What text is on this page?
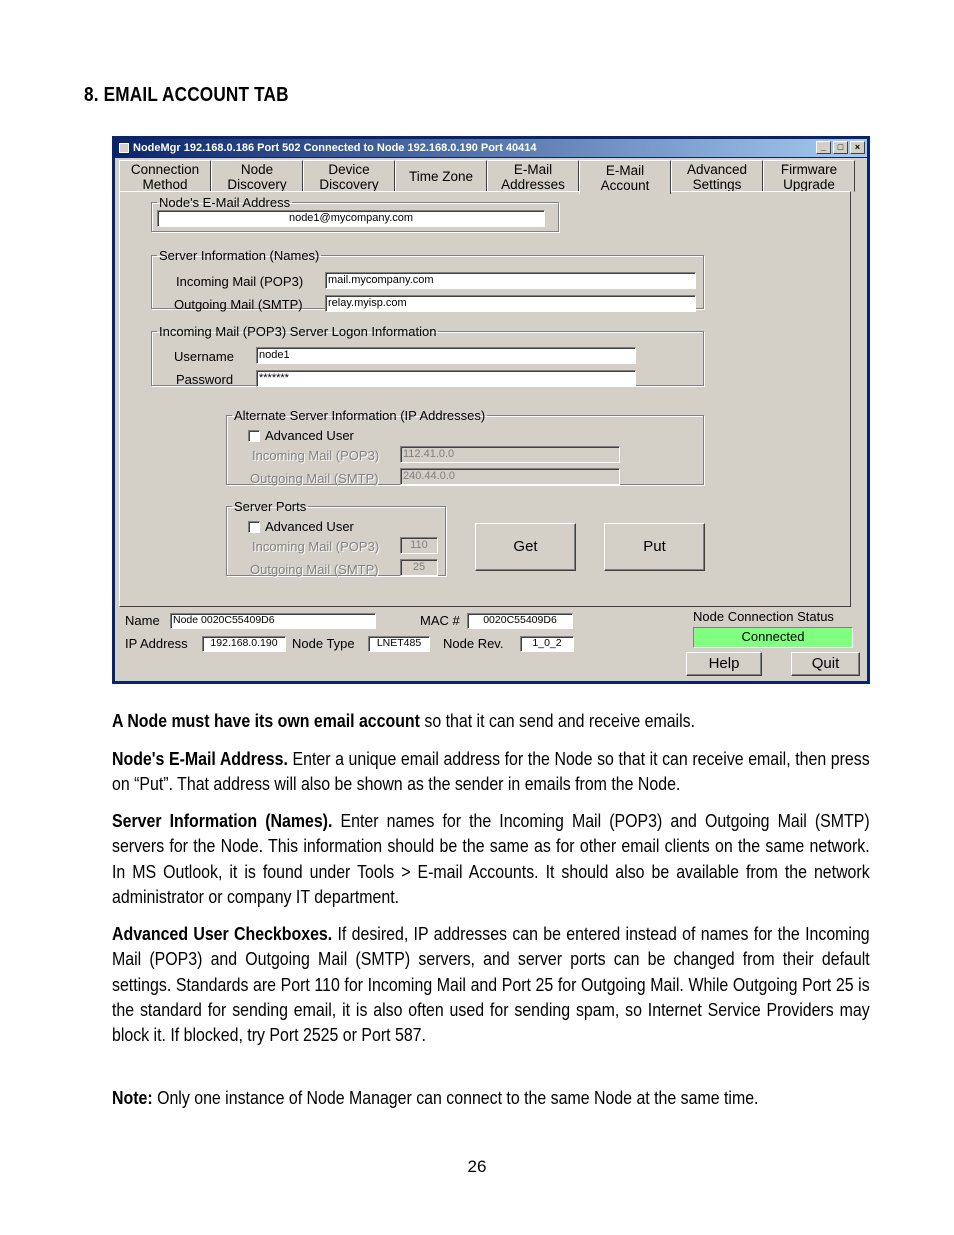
8. EMAIL ACCOUNT TAB
NodeMgr 192.168.0.186 Port 502 Connected to Node 192.168.0.190 Port 40414	_	□	×
Connection
Method
Node
Discovery
Device
Discovery	Time Zone	E-Mail
Addresses
E-Mail
Account
Advanced
Settings
Firmware
Upgrade
Node's E-Mail Address
node1@mycompany.com
Server Information (Names)
Incoming Mail (POP3) mail.mycompany.com
Outgoing Mail (SMTP) relay.myisp.com
Incoming Mail (POP3) Server Logon Information
Username node1
Password *******
Alternate Server Information (IP Addresses)
Advanced User
Incoming Mail (POP3) 112.41.0.0
Outgoing Mail (SMTP) 240.44.0.0
Server Ports
Advanced User
Incoming Mail (POP3)	110
Outgoing Mail (SMTP)	25
Get	Put
Name Node 0020C55409D6	MAC #	0020C55409D6
IP Address	192.168.0.190	Node Type	LNET485	Node Rev.	1_0_2
Node Connection Status
Connected
Help	Quit
A Node must have its own email account so that it can send and receive emails.
Node's E-Mail Address. Enter a unique email address for the Node so that it can receive email, then press on “Put”. That address will also be shown as the sender in emails from the Node.
Server Information (Names). Enter names for the Incoming Mail (POP3) and Outgoing Mail (SMTP) servers for the Node. This information should be the same as for other email clients on the same network. In MS Outlook, it is found under Tools > E-mail Accounts. It should also be available from the network administrator or company IT department.
Advanced User Checkboxes. If desired, IP addresses can be entered instead of names for the Incoming Mail (POP3) and Outgoing Mail (SMTP) servers, and server ports can be changed from their default settings. Standards are Port 110 for Incoming Mail and Port 25 for Outgoing Mail. While Outgoing Port 25 is the standard for sending email, it is also often used for sending spam, so Internet Service Providers may block it. If blocked, try Port 2525 or Port 587.
Note: Only one instance of Node Manager can connect to the same Node at the same time.
26
